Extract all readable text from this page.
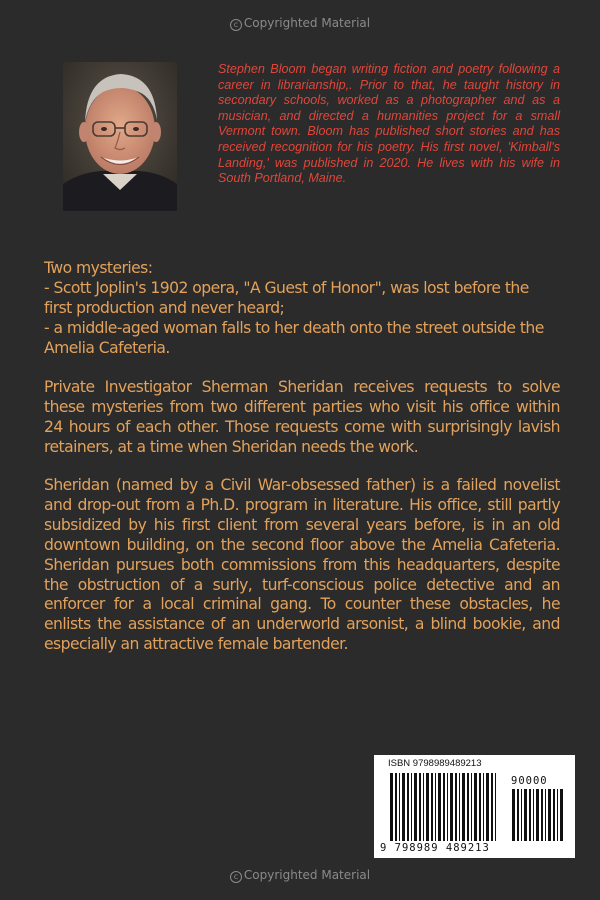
c Copyrighted Material

Stephen Bloom began writing fiction and poetry following a career in librarianship,. Prior to that, he taught history in secondary schools, worked as a photographer and as a musician, and directed a humanities project for a small Vermont town. Bloom has published short stories and has received recognition for his poetry. His first novel, 'Kimball's Landing,' was published in 2020. He lives with his wife in South Portland, Maine.

Two mysteries:
- Scott Joplin's 1902 opera, "A Guest of Honor", was lost before the first production and never heard;
- a middle-aged woman falls to her death onto the street outside the Amelia Cafeteria.

Private Investigator Sherman Sheridan receives requests to solve these mysteries from two different parties who visit his office within 24 hours of each other. Those requests come with surprisingly lavish retainers, at a time when Sheridan needs the work.

Sheridan (named by a Civil War-obsessed father) is a failed novelist and drop-out from a Ph.D. program in literature. His office, still partly subsidized by his first client from several years before, is in an old downtown building, on the second floor above the Amelia Cafeteria. Sheridan pursues both commissions from this headquarters, despite the obstruction of a surly, turf-conscious police detective and an enforcer for a local criminal gang. To counter these obstacles, he enlists the assistance of an underworld arsonist, a blind bookie, and especially an attractive female bartender.

ISBN 9798989489213
90000
9 798989 489213
c Copyrighted Material
